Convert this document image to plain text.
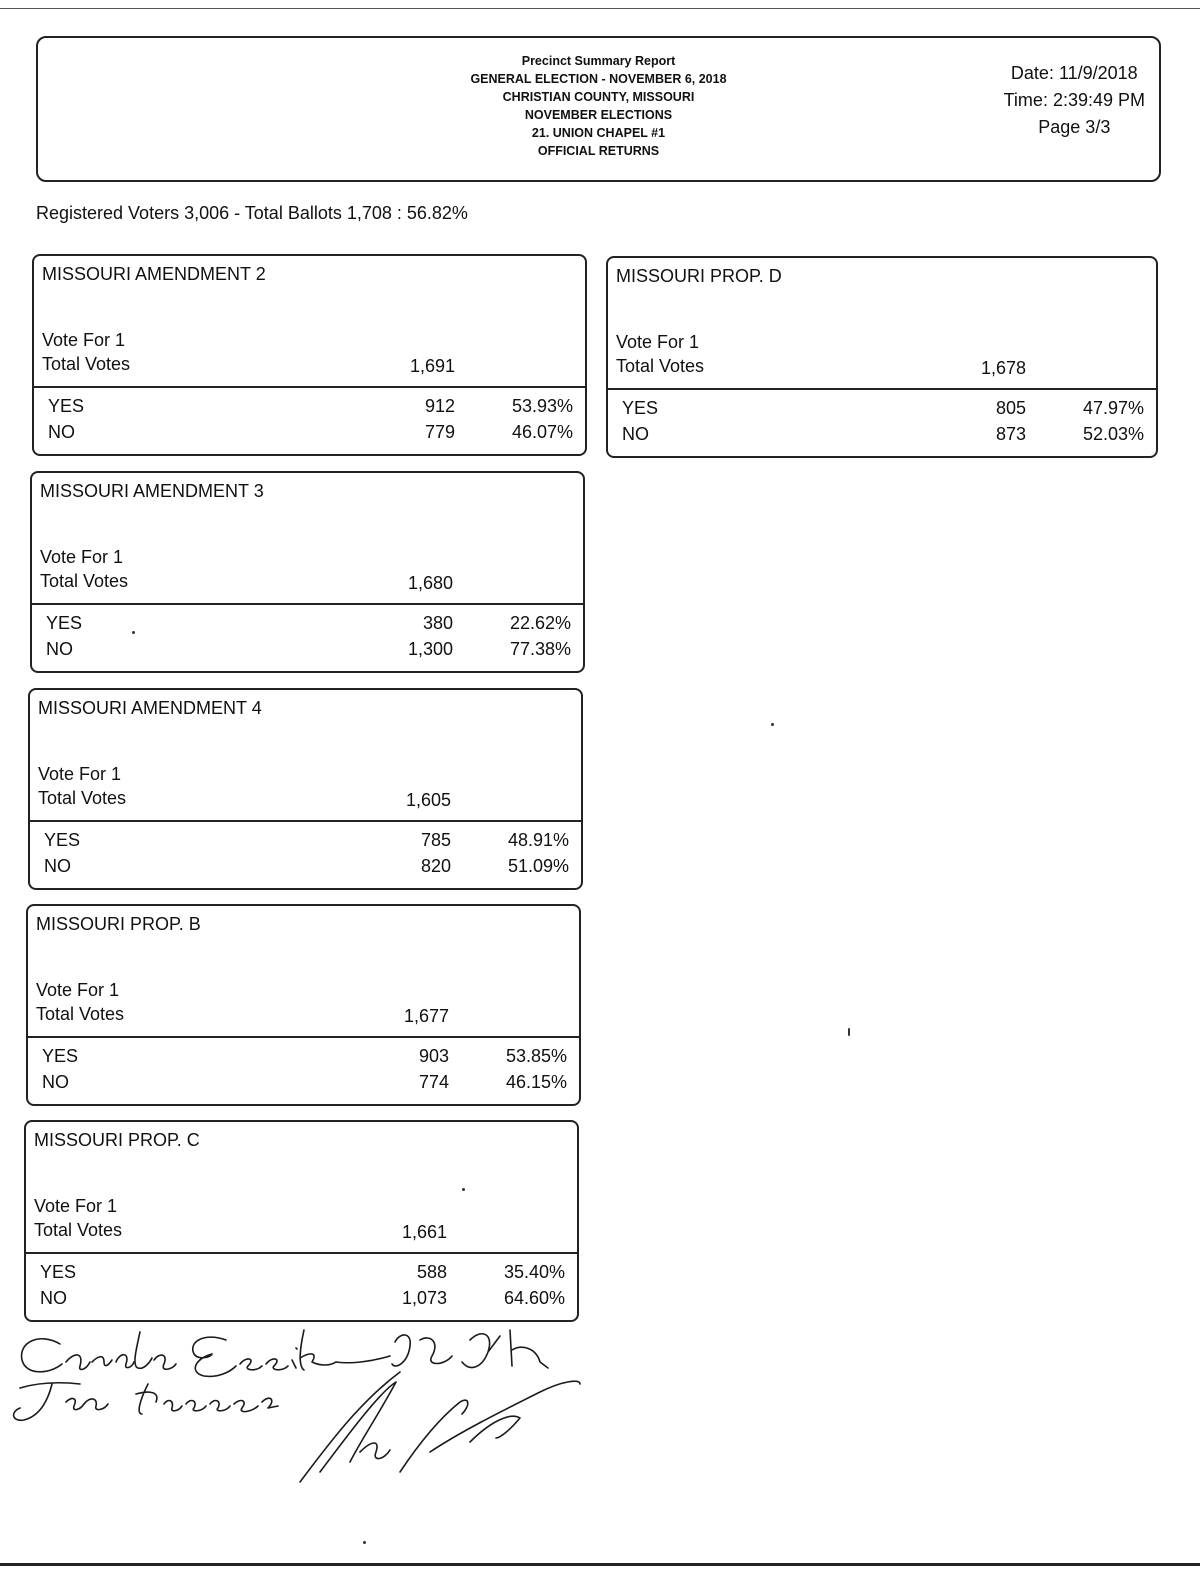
Precinct Summary Report
GENERAL ELECTION - NOVEMBER 6, 2018
CHRISTIAN COUNTY, MISSOURI
NOVEMBER ELECTIONS
21. UNION CHAPEL #1
OFFICIAL RETURNS
Date: 11/9/2018
Time: 2:39:49 PM
Page 3/3
Registered Voters 3,006 - Total Ballots 1,708 : 56.82%
MISSOURI AMENDMENT 2
Vote For 1
Total Votes	1,691
YES	912	53.93%
NO	779	46.07%
MISSOURI PROP. D
Vote For 1
Total Votes	1,678
YES	805	47.97%
NO	873	52.03%
MISSOURI AMENDMENT 3
Vote For 1
Total Votes	1,680
YES	380	22.62%
NO	1,300	77.38%
MISSOURI AMENDMENT 4
Vote For 1
Total Votes	1,605
YES	785	48.91%
NO	820	51.09%
MISSOURI PROP. B
Vote For 1
Total Votes	1,677
YES	903	53.85%
NO	774	46.15%
MISSOURI PROP. C
Vote For 1
Total Votes	1,661
YES	588	35.40%
NO	1,073	64.60%
